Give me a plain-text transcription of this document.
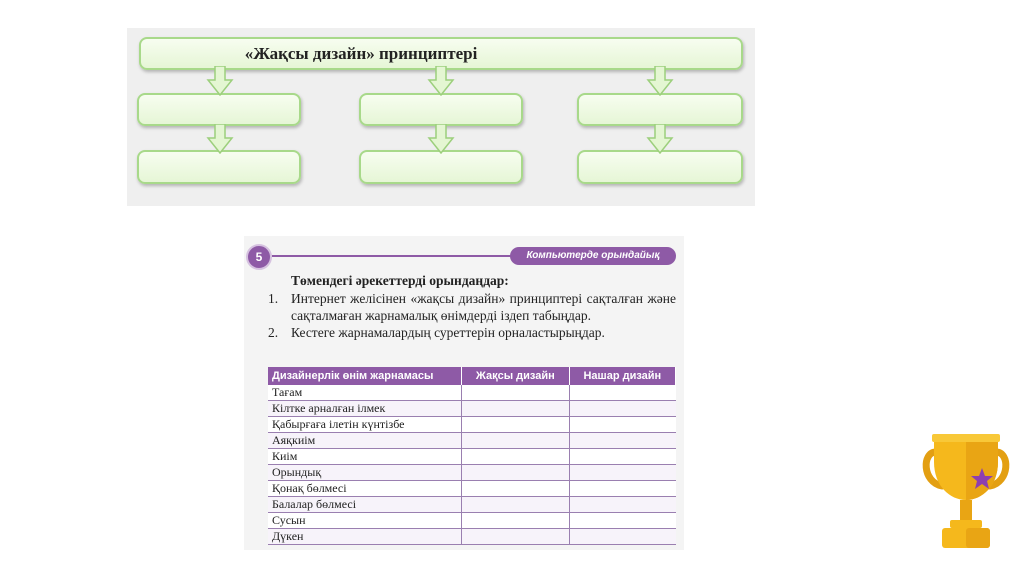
«Жақсы дизайн» принциптері
5	Компьютерде орындайық
Төмендегі әрекеттерді орындаңдар:
1. Интернет желісінен «жақсы дизайн» принциптері сақталған және сақталмаған жарнамалық өнімдерді іздеп табыңдар.
2. Кестеге жарнамалардың суреттерін орналастырыңдар.
Дизайнерлік өнім жарнамасы	Жақсы дизайн	Нашар дизайн
Тағам		
Кілтке арналған ілмек		
Қабырғаға ілетін күнтізбе		
Аяқкиім		
Киім		
Орындық		
Қонақ бөлмесі		
Балалар бөлмесі		
Сусын		
Дүкен		
